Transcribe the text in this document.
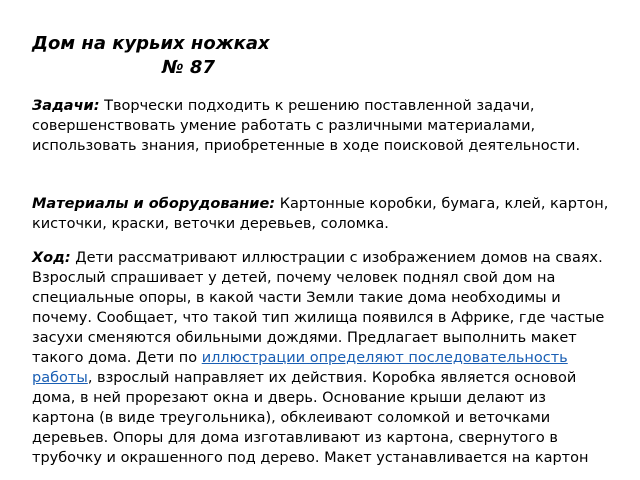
Дом на курьих ножках
№ 87
Задачи: Творчески подходить к решению поставленной задачи, совершенствовать умение работать с различными материалами, использовать знания, приобретенные в ходе поисковой деятельности.
Материалы и оборудование: Картонные коробки, бумага, клей, картон, кисточки, краски, веточки деревьев, соломка.
Ход: Дети рассматривают иллюстрации с изображением домов на сваях. Взрослый спрашивает у детей, почему человек поднял свой дом на специальные опоры, в какой части Земли такие дома необходимы и почему. Сообщает, что такой тип жилища появился в Африке, где частые засухи сменяются обильными дождями. Предлагает выполнить макет такого дома. Дети по иллюстрации определяют последовательность работы, взрослый направляет их действия. Коробка является основой дома, в ней прорезают окна и дверь. Основание крыши делают из картона (в виде треугольника), обклеивают соломкой и веточками деревьев. Опоры для дома изготавливают из картона, свернутого в трубочку и окрашенного под дерево. Макет устанавливается на картон
